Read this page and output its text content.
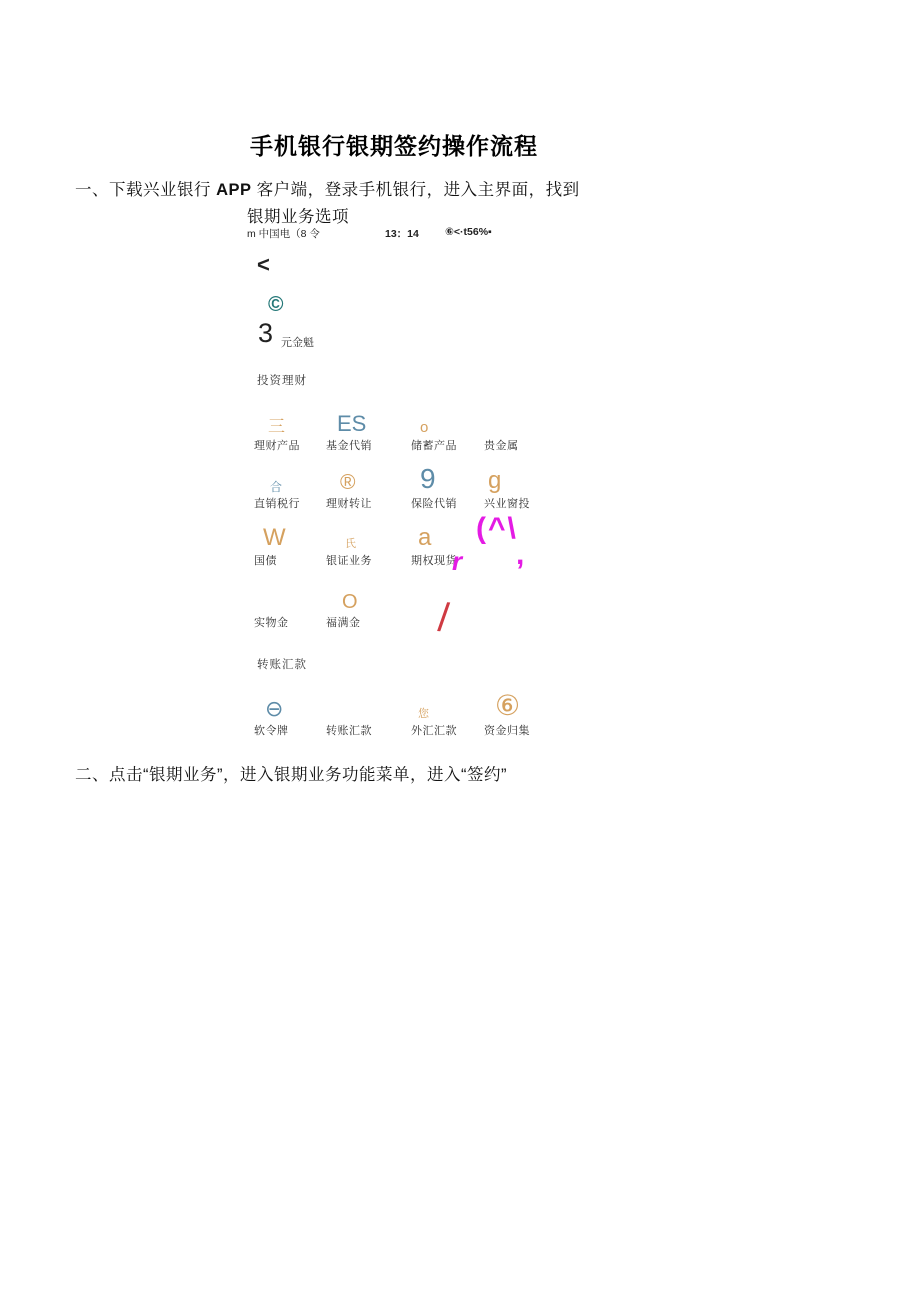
手机银行银期签约操作流程
一、下载兴业银行 APP 客户端，登录手机银行，进入主界面，找到
银期业务选项
m 中国电（8 令	13：14 ⑥<·t56%▪
<
©
3 元金魁
投资理财
三
理财产品
ES
基金代销
o
储蓄产品	贵金属
合
直销税行
®
理财转让
9
保险代销
g
兴业窗投
W
国债
氏
银证业务
a
期权现货
实物金
O
福满金
转账汇款
⊖
软令牌	转账汇款
您
外汇汇款
⑥
资金归集
(^\
r ,
/
二、点击“银期业务”，进入银期业务功能菜单，进入“签约”
